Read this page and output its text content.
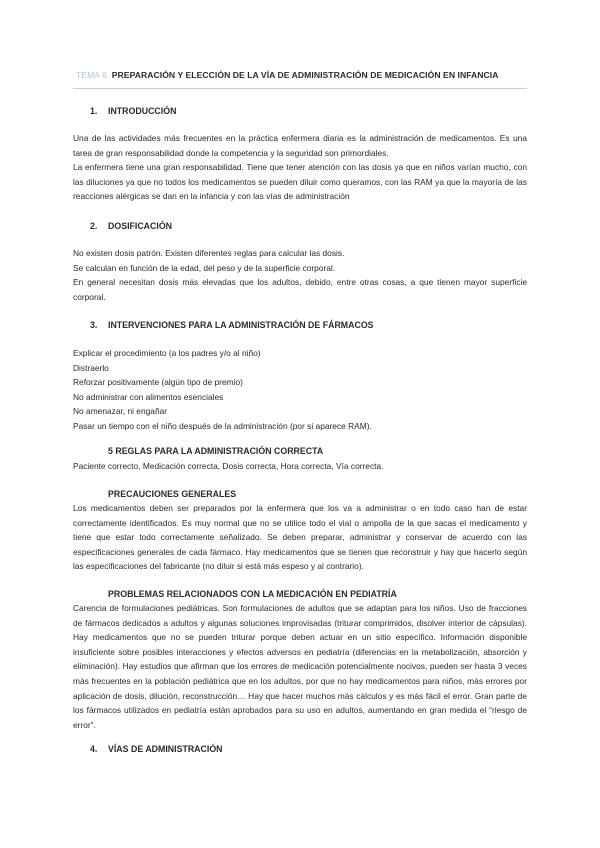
TEMA 6. PREPARACIÓN Y ELECCIÓN DE LA VÍA DE ADMINISTRACIÓN DE MEDICACIÓN EN INFANCIA
1. INTRODUCCIÓN

Una de las actividades más frecuentes en la práctica enfermera diaria es la administración de medicamentos. Es una tarea de gran responsabilidad donde la competencia y la seguridad son primordiales.

La enfermera tiene una gran responsabilidad. Tiene que tener atención con las dosis ya que en niños varían mucho, con las diluciones ya que no todos los medicamentos se pueden diluir como queramos, con las RAM ya que la mayoría de las reacciones alérgicas se dan en la infancia y con las vías de administración

2. DOSIFICACIÓN
No existen dosis patrón. Existen diferentes reglas para calcular las dosis.
Se calculan en función de la edad, del peso y de la superficie corporal.

En general necesitan dosis más elevadas que los adultos, debido, entre otras cosas, a que tienen mayor superficie corporal.

3. INTERVENCIONES PARA LA ADMINISTRACIÓN DE FÁRMACOS
Explicar el procedimiento (a los padres y/o al niño)
Distraerlo
Reforzar positivamente (algún tipo de premio)
No administrar con alimentos esenciales
No amenazar, ni engañar
Pasar un tiempo con el niño después de la administración (por si aparece RAM).
5 REGLAS PARA LA ADMINISTRACIÓN CORRECTA
Paciente correcto, Medicación correcta, Dosis correcta, Hora correcta, Vía correcta.
PRECAUCIONES GENERALES

Los medicamentos deben ser preparados por la enfermera que los va a administrar o en todo caso han de estar correctamente identificados. Es muy normal que no se utilice todo el vial o ampolla de la que sacas el medicamento y tiene que estar todo correctamente señalizado. Se deben preparar, administrar y conservar de acuerdo con las especificaciones generales de cada fármaco. Hay medicamentos que se tienen que reconstruir y hay que hacerlo según las especificaciones del fabricante (no diluir si está más espeso y al contrario).

PROBLEMAS RELACIONADOS CON LA MEDICACIÓN EN PEDIATRÍA

Carencia de formulaciones pediátricas. Son formulaciones de adultos que se adaptan para los niños. Uso de fracciones de fármacos dedicados a adultos y algunas soluciones improvisadas (triturar comprimidos, disolver interior de cápsulas). Hay medicamentos que no se pueden triturar porque deben actuar en un sitio específico. Información disponible insuficiente sobre posibles interacciones y efectos adversos en pediatría (diferencias en la metabolización, absorción y eliminación). Hay estudios que afirman que los errores de medicación potencialmente nocivos, pueden ser hasta 3 veces más frecuentes en la población pediátrica que en los adultos, por que no hay medicamentos para niños, más errores por aplicación de dosis, dilución, reconstrucción… Hay que hacer muchos más cálculos y es más fácil el error. Gran parte de los fármacos utilizados en pediatría están aprobados para su uso en adultos, aumentando en gran medida el “riesgo de error”.

4. VÍAS DE ADMINISTRACIÓN
